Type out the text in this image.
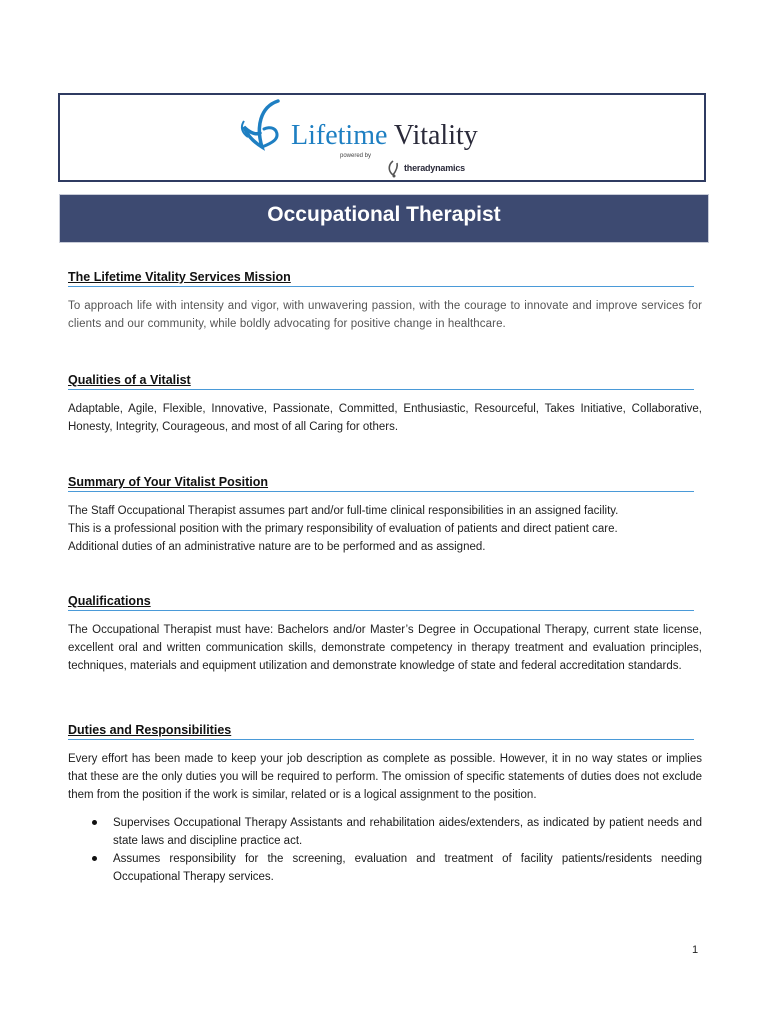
Lifetime Vitality
powered by
theradynamics
Occupational Therapist
The Lifetime Vitality Services Mission
To approach life with intensity and vigor, with unwavering passion, with the courage to innovate and improve services for clients and our community, while boldly advocating for positive change in healthcare.
Qualities of a Vitalist
Adaptable, Agile, Flexible, Innovative, Passionate, Committed, Enthusiastic, Resourceful, Takes Initiative, Collaborative, Honesty, Integrity, Courageous, and most of all Caring for others.
Summary of Your Vitalist Position
The Staff Occupational Therapist assumes part and/or full-time clinical responsibilities in an assigned facility.
This is a professional position with the primary responsibility of evaluation of patients and direct patient care.
Additional duties of an administrative nature are to be performed and as assigned.
Qualifications
The Occupational Therapist must have: Bachelors and/or Master’s Degree in Occupational Therapy, current state license, excellent oral and written communication skills, demonstrate competency in therapy treatment and evaluation principles, techniques, materials and equipment utilization and demonstrate knowledge of state and federal accreditation standards.
Duties and Responsibilities
Every effort has been made to keep your job description as complete as possible. However, it in no way states or implies that these are the only duties you will be required to perform. The omission of specific statements of duties does not exclude them from the position if the work is similar, related or is a logical assignment to the position.
Supervises Occupational Therapy Assistants and rehabilitation aides/extenders, as indicated by patient needs and state laws and discipline practice act.
Assumes responsibility for the screening, evaluation and treatment of facility patients/residents needing Occupational Therapy services.
1
